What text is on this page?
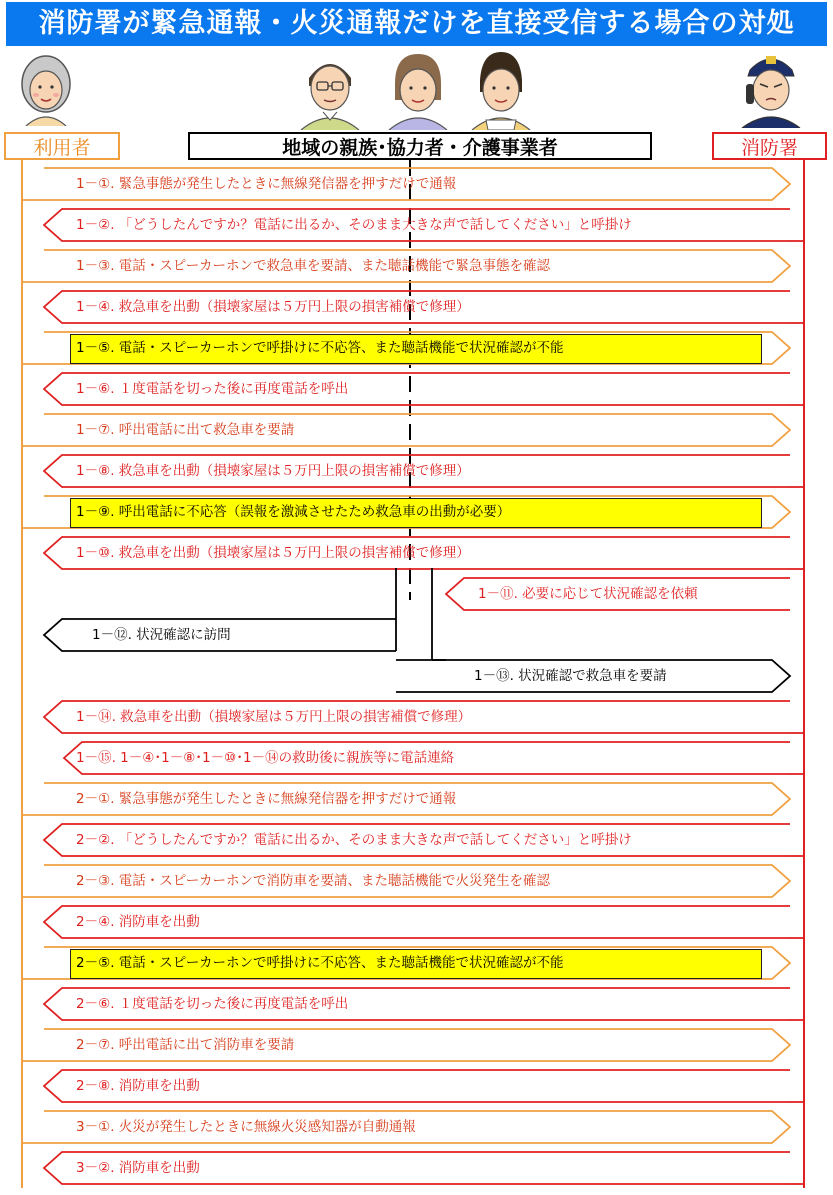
消防署が緊急通報・火災通報だけを直接受信する場合の対処
利用者	地域の親族･協力者・介護事業者	消防署
1－①. 緊急事態が発生したときに無線発信器を押すだけで通報
1－②. 「どうしたんですか？電話に出るか、そのまま大きな声で話してください」と呼掛け
1－③. 電話・スピーカーホンで救急車を要請、また聴話機能で緊急事態を確認
1－④. 救急車を出動（損壊家屋は５万円上限の損害補償で修理）
1－⑤. 電話・スピーカーホンで呼掛けに不応答、また聴話機能で状況確認が不能
1－⑥. １度電話を切った後に再度電話を呼出
1－⑦. 呼出電話に出て救急車を要請
1－⑧. 救急車を出動（損壊家屋は５万円上限の損害補償で修理）
1－⑨. 呼出電話に不応答（誤報を激減させたため救急車の出動が必要）
1－⑩. 救急車を出動（損壊家屋は５万円上限の損害補償で修理）
1－⑪. 必要に応じて状況確認を依頼
1－⑫. 状況確認に訪問
1－⑬. 状況確認で救急車を要請
1－⑭. 救急車を出動（損壊家屋は５万円上限の損害補償で修理）
1－⑮. 1－④･1－⑧･1－⑩･1－⑭の救助後に親族等に電話連絡
2－①. 緊急事態が発生したときに無線発信器を押すだけで通報
2－②. 「どうしたんですか？電話に出るか、そのまま大きな声で話してください」と呼掛け
2－③. 電話・スピーカーホンで消防車を要請、また聴話機能で火災発生を確認
2－④. 消防車を出動
2－⑤. 電話・スピーカーホンで呼掛けに不応答、また聴話機能で状況確認が不能
2－⑥. １度電話を切った後に再度電話を呼出
2－⑦. 呼出電話に出て消防車を要請
2－⑧. 消防車を出動
3－①. 火災が発生したときに無線火災感知器が自動通報
3－②. 消防車を出動
